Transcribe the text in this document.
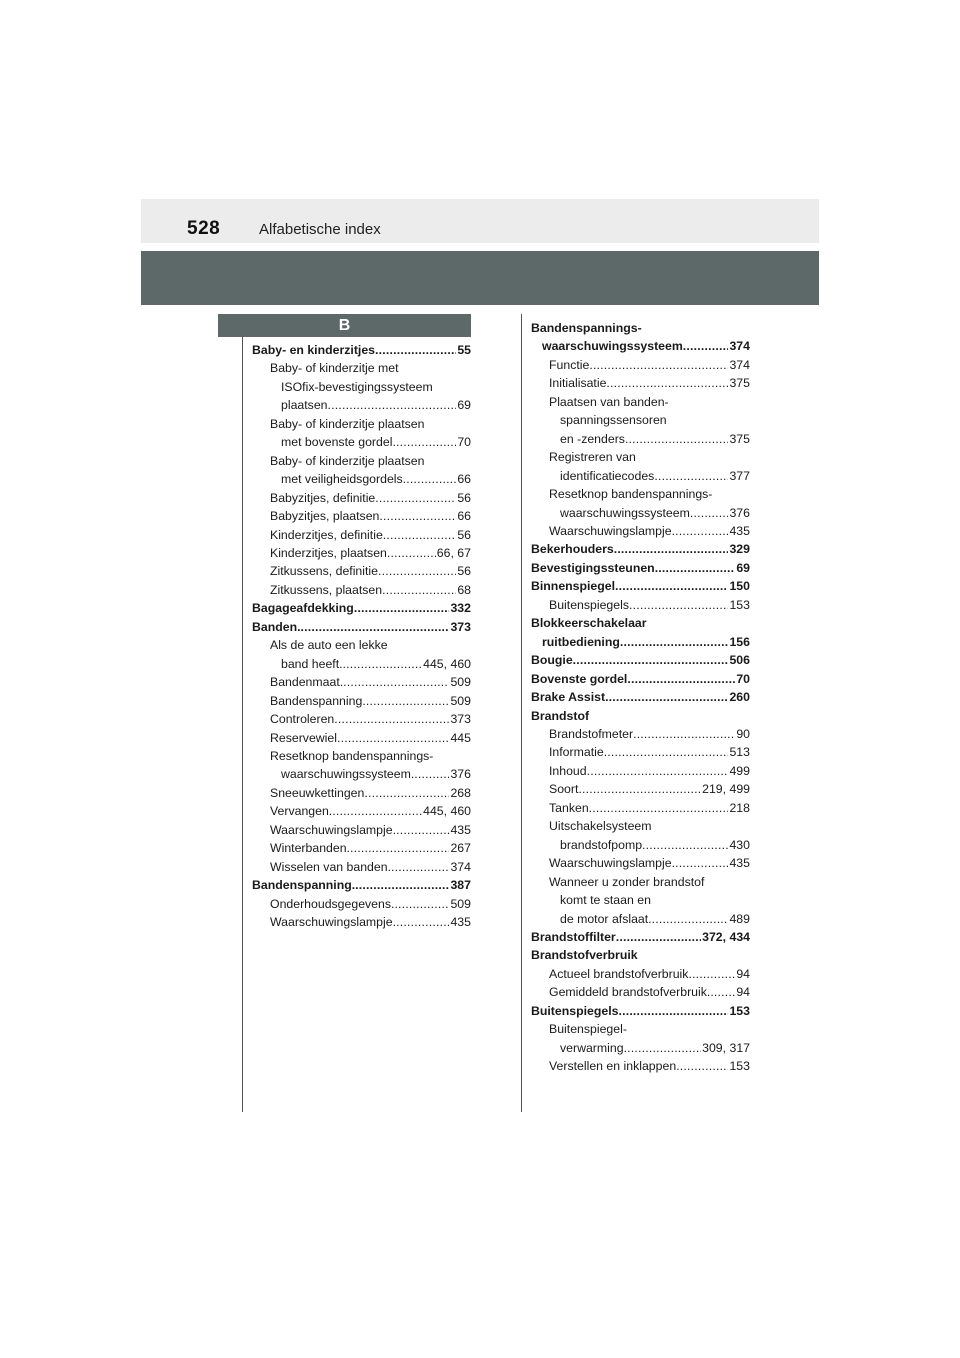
528	Alfabetische index
B
Baby- en kinderzitjes .....	55
Baby- of kinderzitje met
ISOfix-bevestigingssysteem
plaatsen .....	69
Baby- of kinderzitje plaatsen
met bovenste gordel .....	70
Baby- of kinderzitje plaatsen
met veiligheidsgordels .....	66
Babyzitjes, definitie .....	56
Babyzitjes, plaatsen .....	66
Kinderzitjes, definitie .....	56
Kinderzitjes, plaatsen .....	66, 67
Zitkussens, definitie .....	56
Zitkussens, plaatsen .....	68
Bagageafdekking .....	332
Banden. .....	373
Als de auto een lekke
band heeft. .....	445, 460
Bandenmaat. .....	509
Bandenspanning .....	509
Controleren .....	373
Reservewiel .....	445
Resetknop bandenspannings-
waarschuwingssysteem. .....	376
Sneeuwkettingen .....	268
Vervangen. .....	445, 460
Waarschuwingslampje .....	435
Winterbanden. .....	267
Wisselen van banden. .....	374
Bandenspanning. .....	387
Onderhoudsgegevens. .....	509
Waarschuwingslampje .....	435
Bandenspannings-
waarschuwingssysteem .....	374
Functie .....	374
Initialisatie .....	375
Plaatsen van banden-
spanningssensoren
en -zenders .....	375
Registreren van
identificatiecodes .....	377
Resetknop bandenspannings-
waarschuwingssysteem .....	376
Waarschuwingslampje .....	435
Bekerhouders .....	329
Bevestigingssteunen .....	69
Binnenspiegel .....	150
Buitenspiegels .....	153
Blokkeerschakelaar
ruitbediening .....	156
Bougie .....	506
Bovenste gordel .....	70
Brake Assist .....	260
Brandstof
Brandstofmeter .....	90
Informatie .....	513
Inhoud .....	499
Soort .....	219, 499
Tanken .....	218
Uitschakelsysteem
brandstofpomp .....	430
Waarschuwingslampje .....	435
Wanneer u zonder brandstof
komt te staan en
de motor afslaat. .....	489
Brandstoffilter .....	372, 434
Brandstofverbruik
Actueel brandstofverbruik .....	94
Gemiddeld brandstofverbruik. ..... 94
Buitenspiegels .....	153
Buitenspiegel-
verwarming .....	309, 317
Verstellen en inklappen .....	153
